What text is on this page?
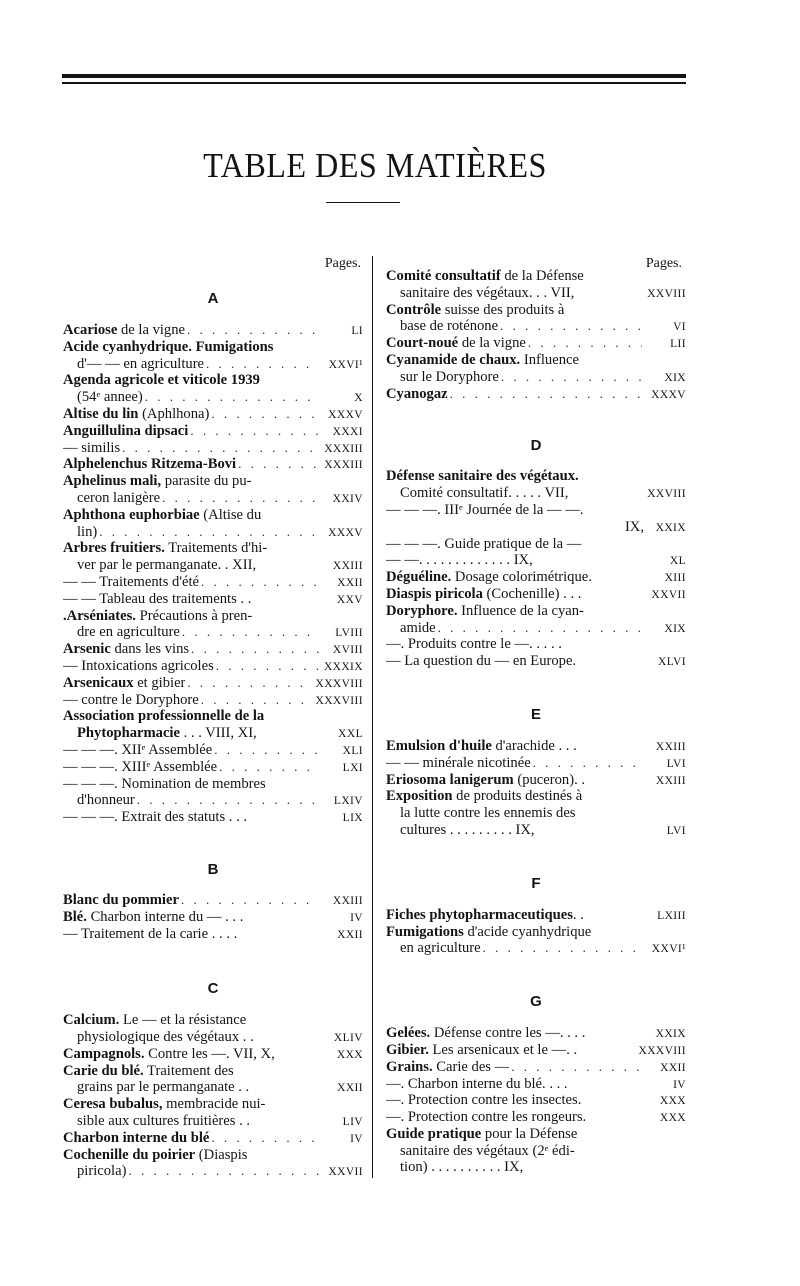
TABLE DES MATIÈRES
Pages.
A
Acariose de la vigne . . .	LI
Acide cyanhydrique. Fumigations
d'— — en agriculture . . .	XXVI¹
Agenda agricole et viticole 1939
(54ᵉ annee) . . .	X
Altise du lin (Aphlhona) . . .	XXXV
Anguillulina dipsaci . . .	XXXI
— similis . . .	XXXIII
Alphelenchus Ritzema-Bovi . . .	XXXIII
Aphelinus mali, parasite du pu-
ceron lanigère . . .	XXIV
Aphthona euphorbiae (Altise du
lin) . . .	XXXV
Arbres fruitiers. Traitements d'hi-
ver par le permanganate. . XII,	XXIII
— — Traitements d'été . . .	XXII
— — Tableau des traitements . .	XXV
.Arséniates. Précautions à pren-
dre en agriculture . . .	LVIII
Arsenic dans les vins . . .	XVIII
— Intoxications agricoles . . .	XXXIX
Arsenicaux et gibier . . .	XXXVIII
— contre le Doryphore . . .	XXXVIII
Association professionnelle de la
Phytopharmacie . . . VIII, XI,	XXL
— — —. XIIᵉ Assemblée . . .	XLI
— — —. XIIIᵉ Assemblée . . .	LXI
— — —. Nomination de membres
d'honneur . . .	LXIV
— — —. Extrait des statuts . . .	LIX
B
Blanc du pommier . . .	XXIII
Blé. Charbon interne du — . . .	IV
— Traitement de la carie . . . .	XXII
C
Calcium. Le — et la résistance
physiologique des végétaux . .	XLIV
Campagnols. Contre les —. VII, X,	XXX
Carie du blé. Traitement des
grains par le permanganate . .	XXII
Ceresa bubalus, membracide nui-
sible aux cultures fruitières . .	LIV
Charbon interne du blé . . .	IV
Cochenille du poirier (Diaspis
piricola) . . .	XXVII
Pages.
Comité consultatif de la Défense
sanitaire des végétaux. . . VII,	XXVIII
Contrôle suisse des produits à
base de roténone . . .	VI
Court-noué de la vigne . . .	LII
Cyanamide de chaux. Influence
sur le Doryphore . . .	XIX
Cyanogaz . . .	XXXV
D
Défense sanitaire des végétaux.
Comité consultatif. . . . . VII,	XXVIII
— — —. IIIᵉ Journée de la — —.
IX,	XXIX
— — —. Guide pratique de la —
— —. . . . . . . . . . . . . IX,	XL
Déguéline. Dosage colorimétrique.	XIII
Diaspis piricola (Cochenille) . . .	XXVII
Doryphore. Influence de la cyan-
amide . . .	XIX
—. Produits contre le —. . . . .
— La question du — en Europe.	XLVI
E
Emulsion d'huile d'arachide . . .	XXIII
— — minérale nicotinée . . .	LVI
Eriosoma lanigerum (puceron). .	XXIII
Exposition de produits destinés à
la lutte contre les ennemis des
cultures . . . . . . . . . IX,	LVI
F
Fiches phytopharmaceutiques. .	LXIII
Fumigations d'acide cyanhydrique
en agriculture . . .	XXVI¹
G
Gelées. Défense contre les —. . . .	XXIX
Gibier. Les arsenicaux et le —. .	XXXVIII
Grains. Carie des — . . .	XXII
—. Charbon interne du blé. . . .	IV
—. Protection contre les insectes.	XXX
—. Protection contre les rongeurs.	XXX
Guide pratique pour la Défense
sanitaire des végétaux (2ᵉ édi-
tion) . . . . . . . . . . IX,
